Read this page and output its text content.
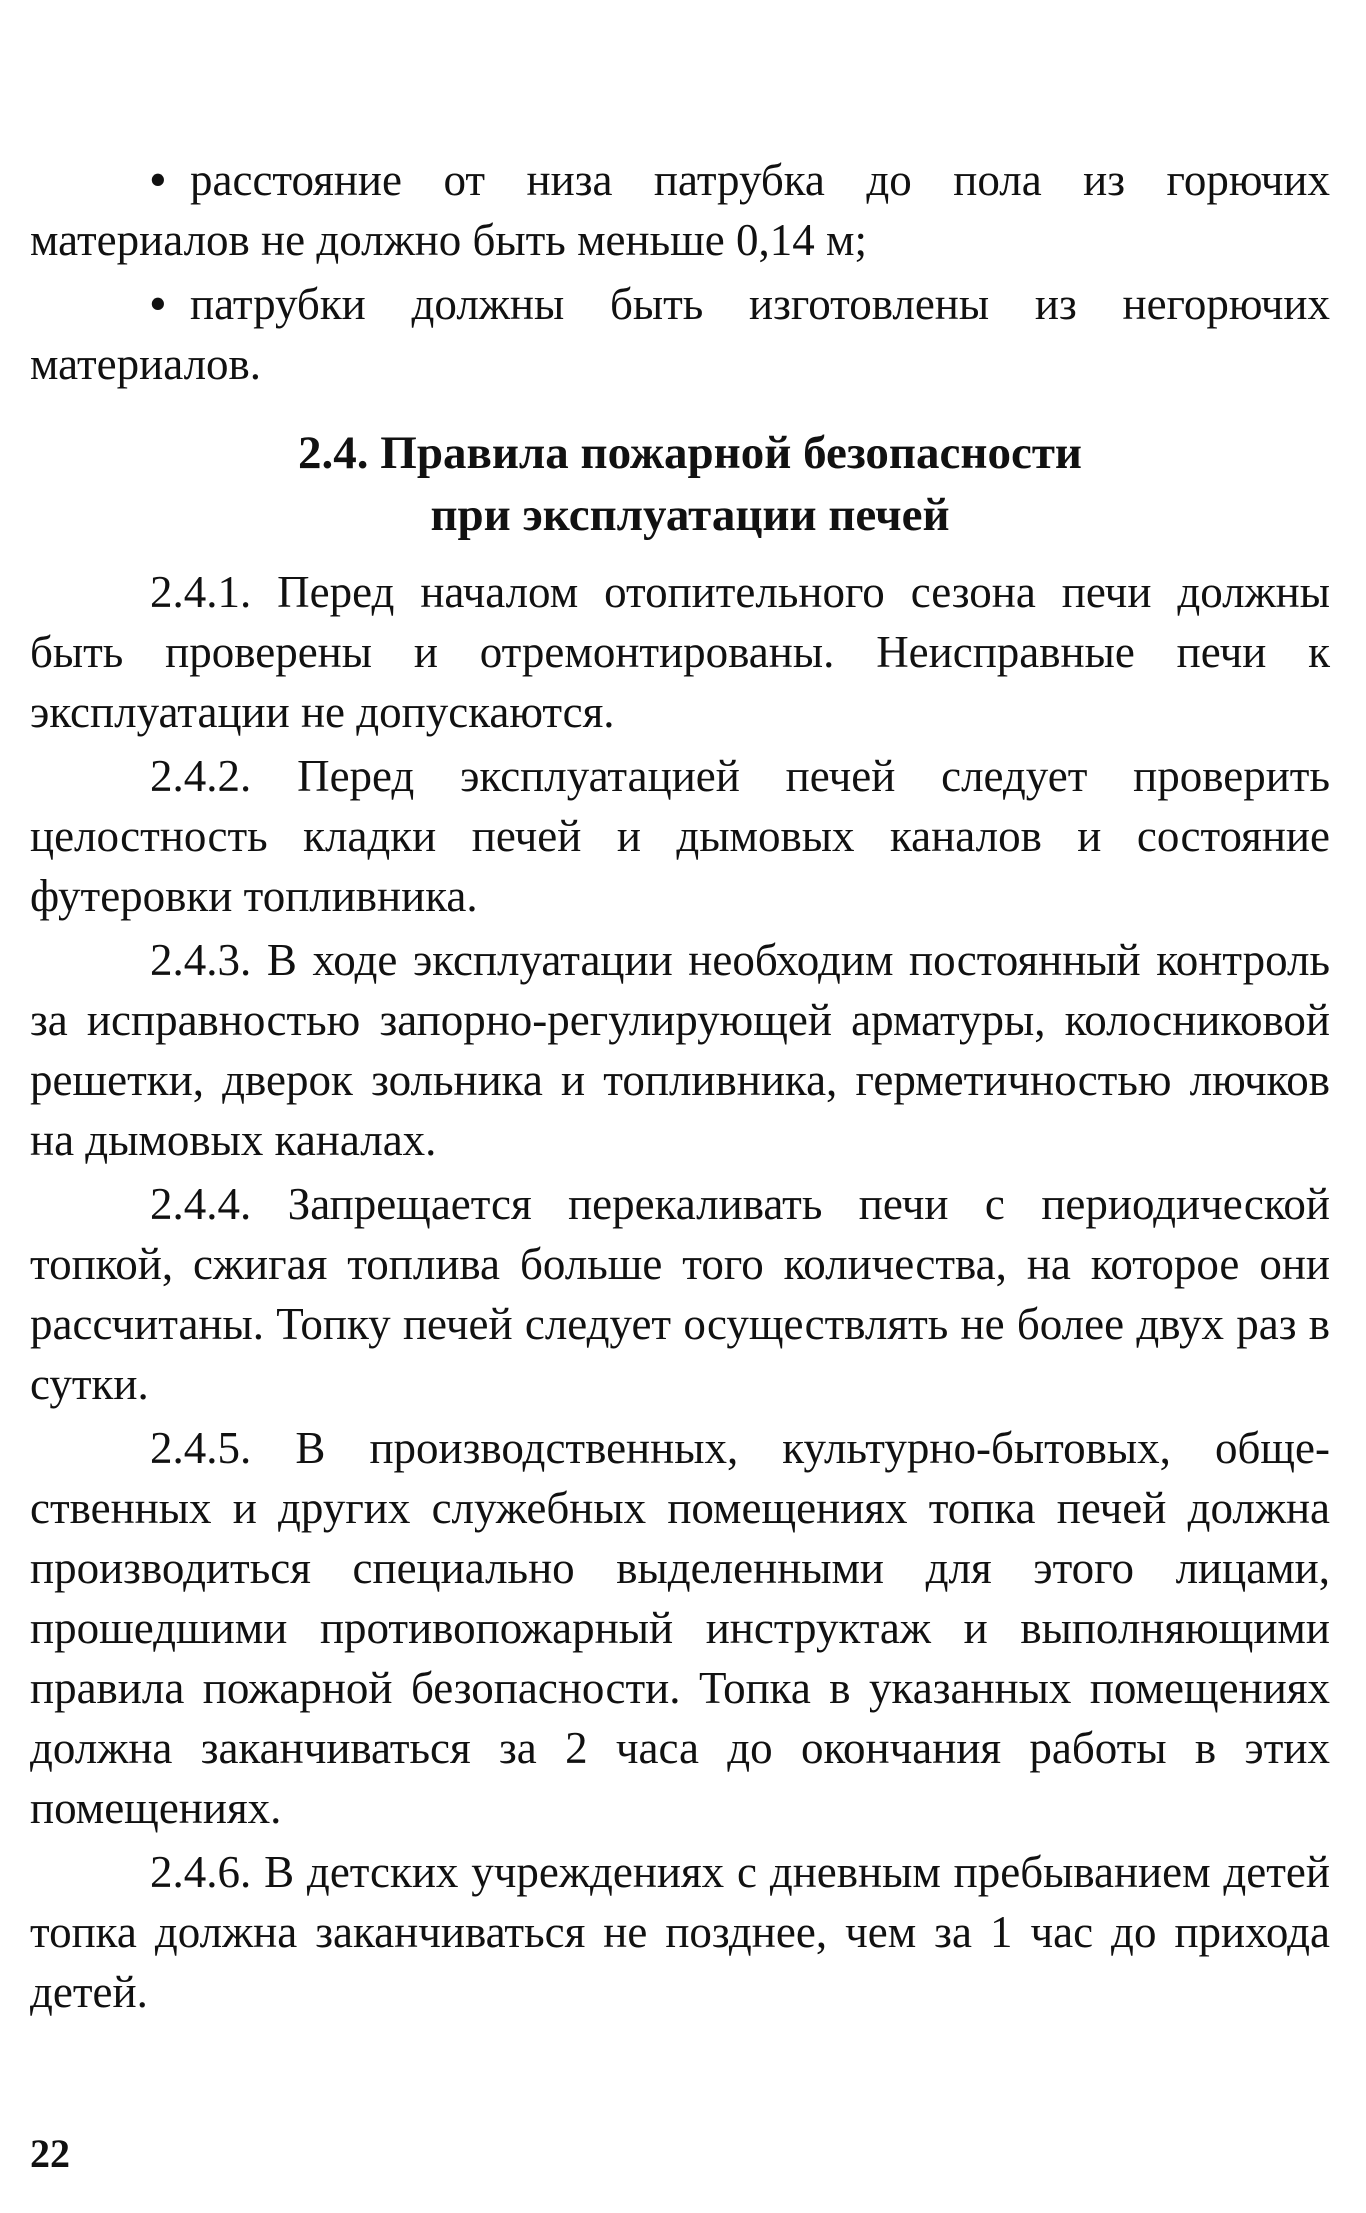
• расстояние от низа патрубка до пола из горючих материалов не должно быть меньше 0,14 м;

• патрубки должны быть изготовлены из негорючих материалов.

2.4. Правила пожарной безопасности
при эксплуатации печей

2.4.1. Перед началом отопительного сезона печи должны быть проверены и отремонтированы. Неисправные печи к эксплуатации не допускаются.

2.4.2. Перед эксплуатацией печей следует проверить целостность кладки печей и дымовых каналов и состояние футеровки топливника.

2.4.3. В ходе эксплуатации необходим постоянный контроль за исправностью запорно-регулирующей арматуры, колосниковой решетки, дверок зольника и топливника, герметичностью лючков на дымовых каналах.

2.4.4. Запрещается перекаливать печи с периодической топкой, сжигая топлива больше того количества, на которое они рассчитаны. Топку печей следует осуществлять не более двух раз в сутки.

2.4.5. В производственных, культурно-бытовых, общественных и других служебных помещениях топка печей должна производиться специально выделенными для этого лицами, прошедшими противопожарный инструктаж и выполняющими правила пожарной безопасности. Топка в указанных помещениях должна заканчиваться за 2 часа до окончания работы в этих помещениях.

2.4.6. В детских учреждениях с дневным пребыванием детей топка должна заканчиваться не позднее, чем за 1 час до прихода детей.

22
